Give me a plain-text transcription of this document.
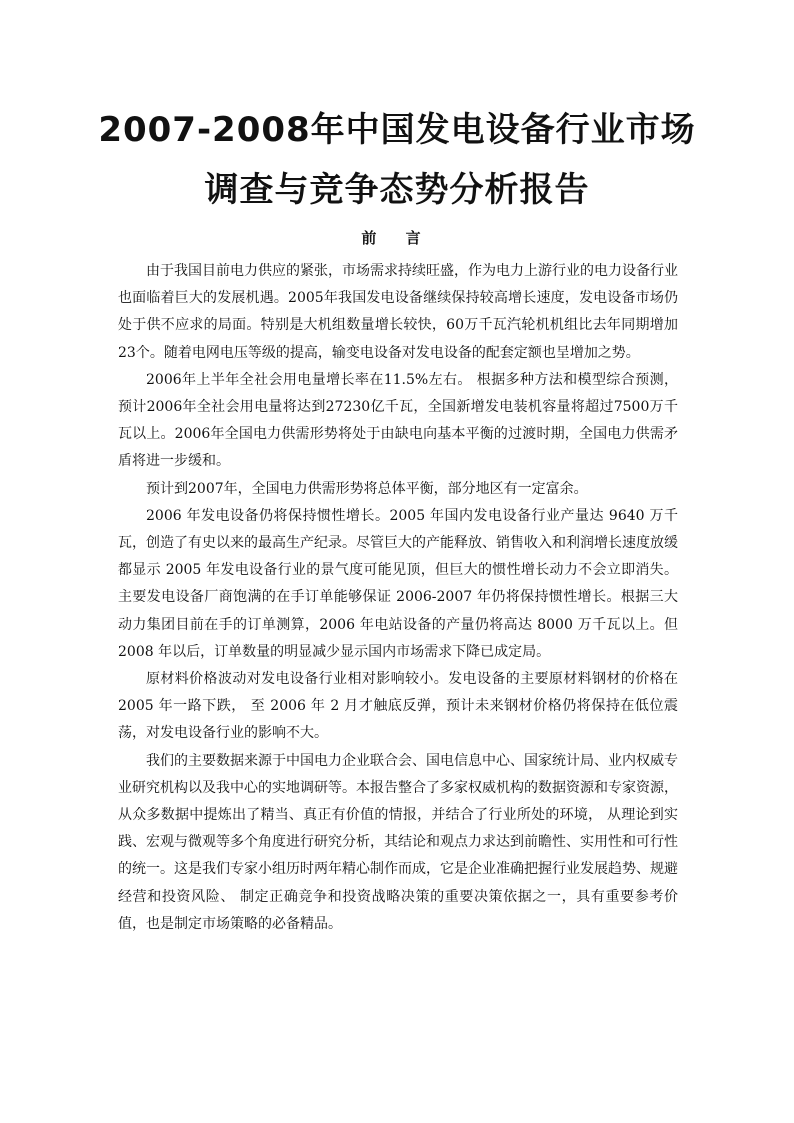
2007-2008年中国发电设备行业市场
调查与竞争态势分析报告
前 言

由于我国目前电力供应的紧张，市场需求持续旺盛，作为电力上游行业的电力设备行业也面临着巨大的发展机遇。2005年我国发电设备继续保持较高增长速度，发电设备市场仍处于供不应求的局面。特别是大机组数量增长较快，60万千瓦汽轮机机组比去年同期增加23个。随着电网电压等级的提高，输变电设备对发电设备的配套定额也呈增加之势。

2006年上半年全社会用电量增长率在11.5%左右。 根据多种方法和模型综合预测，预计2006年全社会用电量将达到27230亿千瓦，全国新增发电装机容量将超过7500万千瓦以上。2006年全国电力供需形势将处于由缺电向基本平衡的过渡时期，全国电力供需矛盾将进一步缓和。

预计到2007年，全国电力供需形势将总体平衡，部分地区有一定富余。

2006 年发电设备仍将保持惯性增长。2005 年国内发电设备行业产量达 9640 万千瓦，创造了有史以来的最高生产纪录。尽管巨大的产能释放、销售收入和利润增长速度放缓都显示 2005 年发电设备行业的景气度可能见顶，但巨大的惯性增长动力不会立即消失。主要发电设备厂商饱满的在手订单能够保证 2006-2007 年仍将保持惯性增长。根据三大动力集团目前在手的订单测算，2006 年电站设备的产量仍将高达 8000 万千瓦以上。但 2008 年以后，订单数量的明显减少显示国内市场需求下降已成定局。

原材料价格波动对发电设备行业相对影响较小。发电设备的主要原材料钢材的价格在2005 年一路下跌， 至 2006 年 2 月才触底反弹，预计未来钢材价格仍将保持在低位震荡，对发电设备行业的影响不大。

我们的主要数据来源于中国电力企业联合会、国电信息中心、国家统计局、业内权威专业研究机构以及我中心的实地调研等。本报告整合了多家权威机构的数据资源和专家资源，从众多数据中提炼出了精当、真正有价值的情报，并结合了行业所处的环境， 从理论到实践、宏观与微观等多个角度进行研究分析，其结论和观点力求达到前瞻性、实用性和可行性的统一。这是我们专家小组历时两年精心制作而成，它是企业准确把握行业发展趋势、规避经营和投资风险、 制定正确竞争和投资战略决策的重要决策依据之一，具有重要参考价值，也是制定市场策略的必备精品。
